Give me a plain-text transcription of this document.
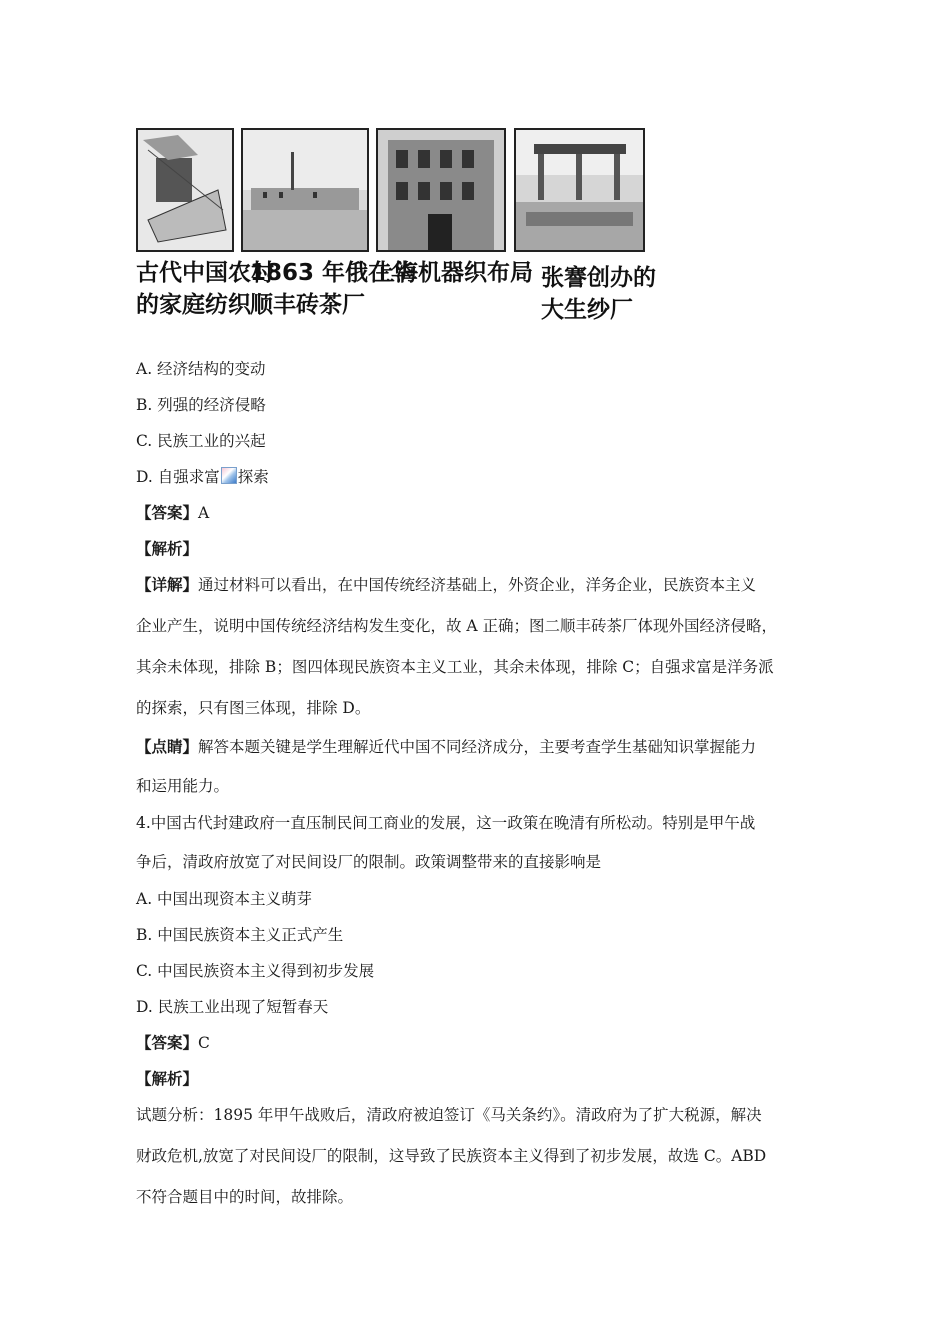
古代中国农村
的家庭纺织
1863 年俄在华
顺丰砖茶厂
上海机器织布局 张謇创办的
大生纱厂
A. 经济结构的变动
B. 列强的经济侵略
C. 民族工业的兴起
D. 自强求富 探索
【答案】A
【解析】
【详解】通过材料可以看出，在中国传统经济基础上，外资企业，洋务企业，民族资本主义
企业产生，说明中国传统经济结构发生变化，故 A 正确；图二顺丰砖茶厂体现外国经济侵略，
其余未体现，排除 B；图四体现民族资本主义工业，其余未体现，排除 C；自强求富是洋务派
的探索，只有图三体现，排除 D。
【点睛】解答本题关键是学生理解近代中国不同经济成分，主要考查学生基础知识掌握能力
和运用能力。
4.中国古代封建政府一直压制民间工商业的发展，这一政策在晚清有所松动。特别是甲午战
争后，清政府放宽了对民间设厂的限制。政策调整带来的直接影响是
A. 中国出现资本主义萌芽
B. 中国民族资本主义正式产生
C. 中国民族资本主义得到初步发展
D. 民族工业出现了短暂春天
【答案】C
【解析】
试题分析：1895 年甲午战败后，清政府被迫签订《马关条约》。清政府为了扩大税源，解决
财政危机,放宽了对民间设厂的限制，这导致了民族资本主义得到了初步发展，故选 C。ABD
不符合题目中的时间，故排除。
